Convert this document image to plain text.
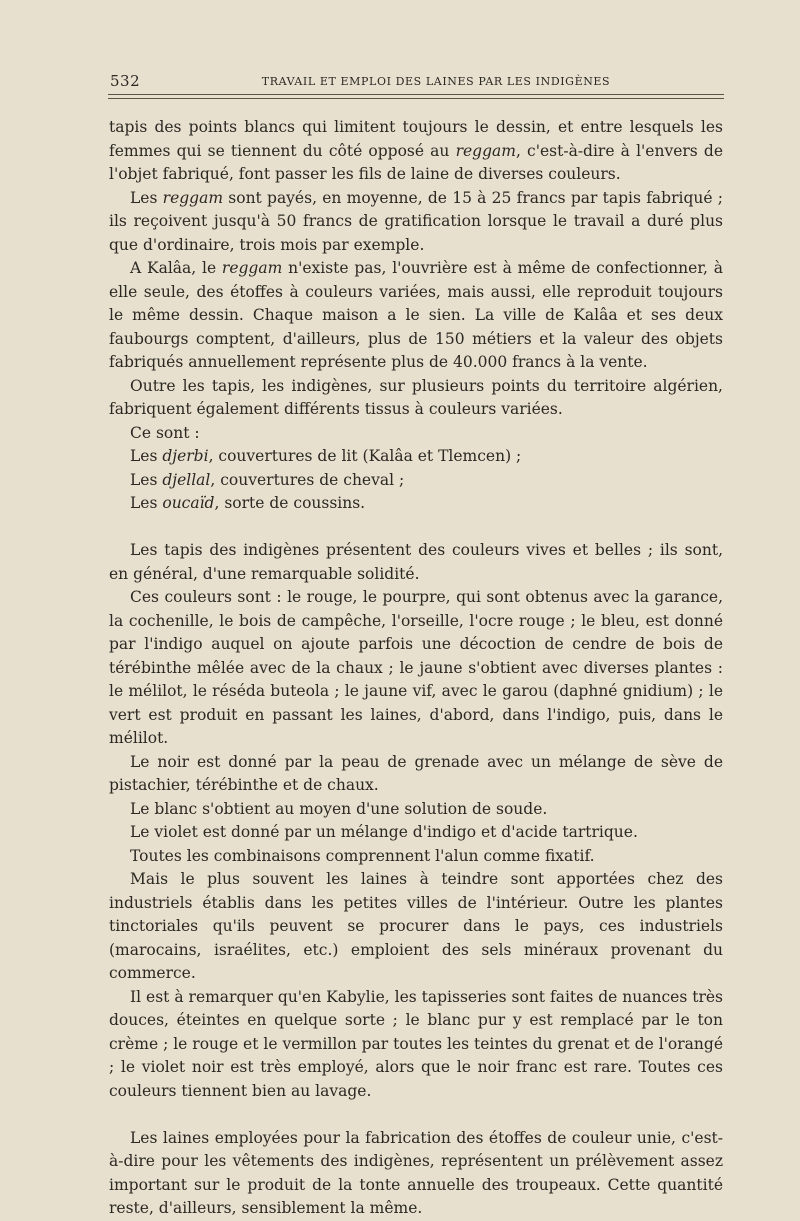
532	TRAVAIL ET EMPLOI DES LAINES PAR LES INDIGÈNES

tapis des points blancs qui limitent toujours le dessin, et entre lesquels les femmes qui se tiennent du côté opposé au reggam, c'est-à-dire à l'envers de l'objet fabriqué, font passer les fils de laine de diverses couleurs.

Les reggam sont payés, en moyenne, de 15 à 25 francs par tapis fabriqué ; ils reçoivent jusqu'à 50 francs de gratification lorsque le travail a duré plus que d'ordinaire, trois mois par exemple.

A Kalâa, le reggam n'existe pas, l'ouvrière est à même de confectionner, à elle seule, des étoffes à couleurs variées, mais aussi, elle reproduit toujours le même dessin. Chaque maison a le sien. La ville de Kalâa et ses deux faubourgs comptent, d'ailleurs, plus de 150 métiers et la valeur des objets fabriqués annuellement représente plus de 40.000 francs à la vente.

Outre les tapis, les indigènes, sur plusieurs points du territoire algérien, fabriquent également différents tissus à couleurs variées.

Ce sont :

Les djerbi, couvertures de lit (Kalâa et Tlemcen) ;

Les djellal, couvertures de cheval ;

Les oucaïd, sorte de coussins.

Les tapis des indigènes présentent des couleurs vives et belles ; ils sont, en général, d'une remarquable solidité.

Ces couleurs sont : le rouge, le pourpre, qui sont obtenus avec la garance, la cochenille, le bois de campêche, l'orseille, l'ocre rouge ; le bleu, est donné par l'indigo auquel on ajoute parfois une décoction de cendre de bois de térébinthe mêlée avec de la chaux ; le jaune s'obtient avec diverses plantes : le mélilot, le réséda buteola ; le jaune vif, avec le garou (daphné gnidium) ; le vert est produit en passant les laines, d'abord, dans l'indigo, puis, dans le mélilot.

Le noir est donné par la peau de grenade avec un mélange de sève de pistachier, térébinthe et de chaux.

Le blanc s'obtient au moyen d'une solution de soude.

Le violet est donné par un mélange d'indigo et d'acide tartrique.

Toutes les combinaisons comprennent l'alun comme fixatif.

Mais le plus souvent les laines à teindre sont apportées chez des industriels établis dans les petites villes de l'intérieur. Outre les plantes tinctoriales qu'ils peuvent se procurer dans le pays, ces industriels (marocains, israélites, etc.) emploient des sels minéraux provenant du commerce.

Il est à remarquer qu'en Kabylie, les tapisseries sont faites de nuances très douces, éteintes en quelque sorte ; le blanc pur y est remplacé par le ton crème ; le rouge et le vermillon par toutes les teintes du grenat et de l'orangé ; le violet noir est très employé, alors que le noir franc est rare. Toutes ces couleurs tiennent bien au lavage.

Les laines employées pour la fabrication des étoffes de couleur unie, c'est-à-dire pour les vêtements des indigènes, représentent un prélèvement assez important sur le produit de la tonte annuelle des troupeaux. Cette quantité reste, d'ailleurs, sensiblement la même.
